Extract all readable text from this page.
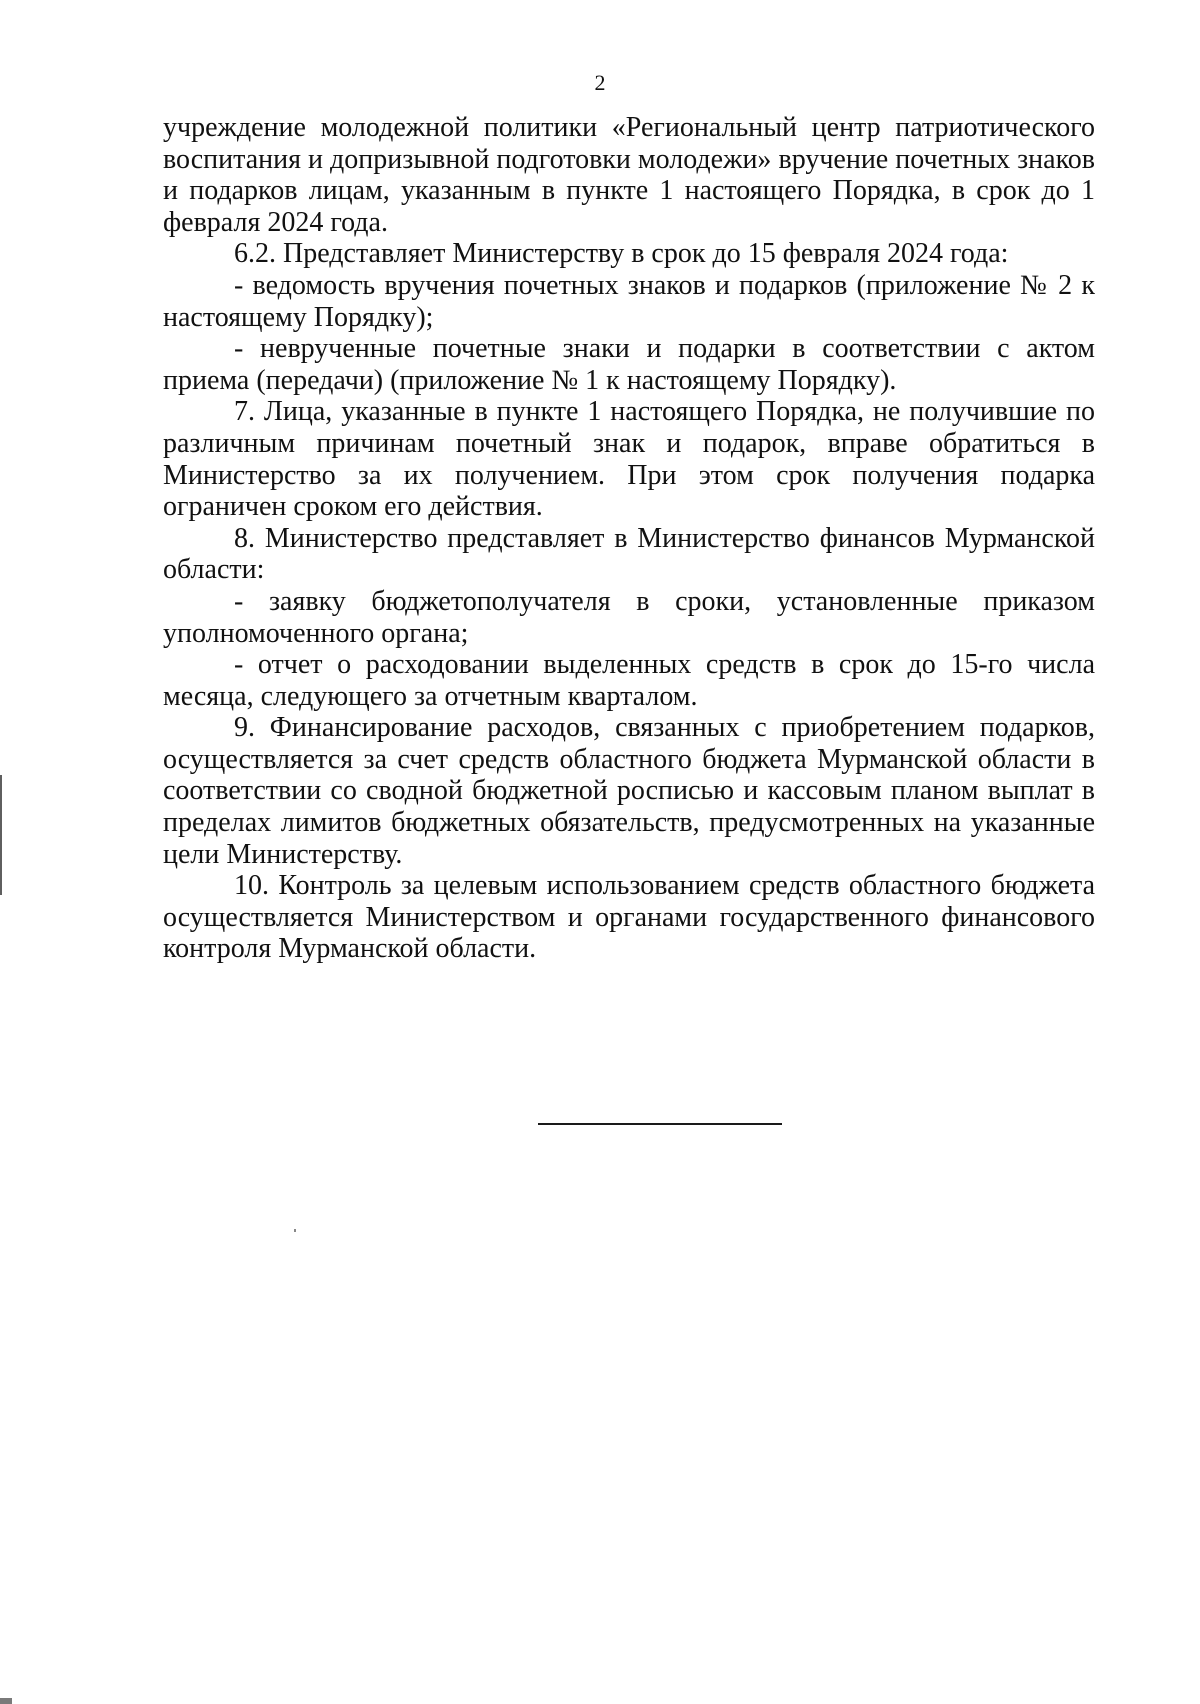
2

учреждение молодежной политики «Региональный центр патриотического воспитания и допризывной подготовки молодежи» вручение почетных знаков и подарков лицам, указанным в пункте 1 настоящего Порядка, в срок до 1 февраля 2024 года.

6.2. Представляет Министерству в срок до 15 февраля 2024 года:

- ведомость вручения почетных знаков и подарков (приложение № 2 к настоящему Порядку);

- неврученные почетные знаки и подарки в соответствии с актом приема (передачи) (приложение № 1 к настоящему Порядку).

7. Лица, указанные в пункте 1 настоящего Порядка, не получившие по различным причинам почетный знак и подарок, вправе обратиться в Министерство за их получением. При этом срок получения подарка ограничен сроком его действия.

8. Министерство представляет в Министерство финансов Мурманской области:

- заявку бюджетополучателя в сроки, установленные приказом уполномоченного органа;

- отчет о расходовании выделенных средств в срок до 15-го числа месяца, следующего за отчетным кварталом.

9. Финансирование расходов, связанных с приобретением подарков, осуществляется за счет средств областного бюджета Мурманской области в соответствии со сводной бюджетной росписью и кассовым планом выплат в пределах лимитов бюджетных обязательств, предусмотренных на указанные цели Министерству.

10. Контроль за целевым использованием средств областного бюджета осуществляется Министерством и органами государственного финансового контроля Мурманской области.
